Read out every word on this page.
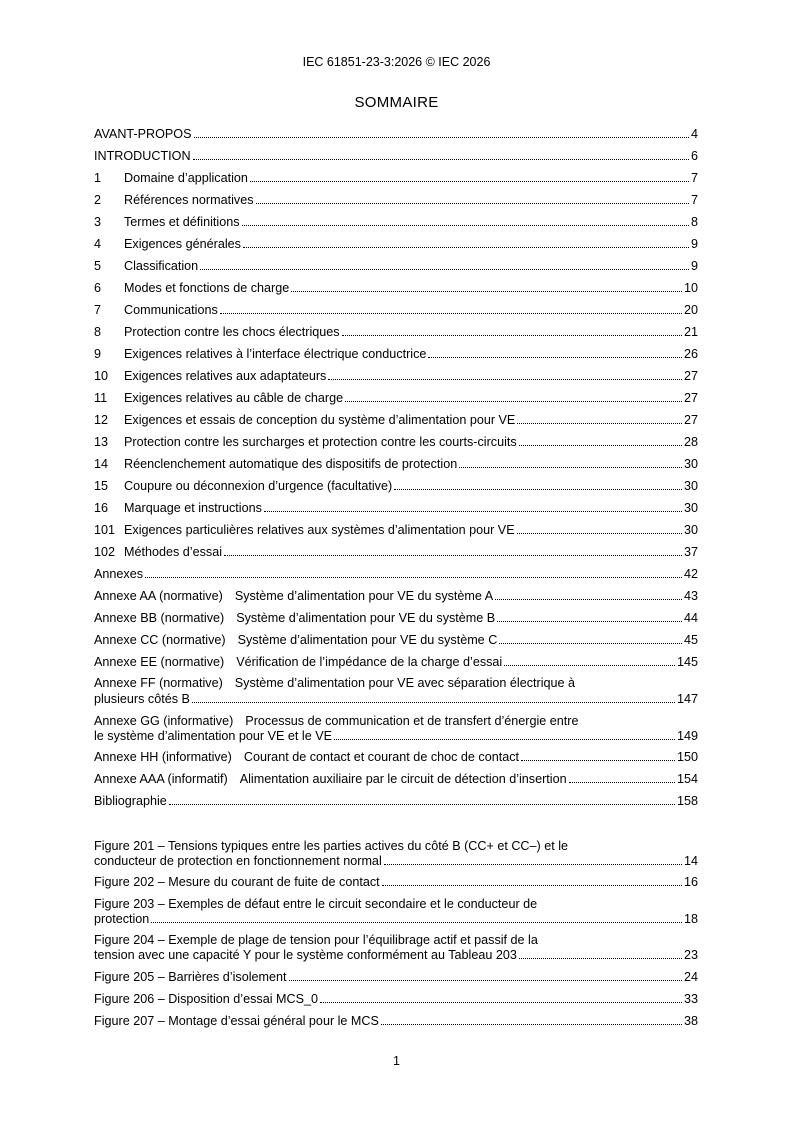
IEC 61851-23-3:2026 © IEC 2026
SOMMAIRE
AVANT-PROPOS	4
INTRODUCTION	6
1	Domaine d’application	7
2	Références normatives	7
3	Termes et définitions	8
4	Exigences générales	9
5	Classification	9
6	Modes et fonctions de charge	10
7	Communications	20
8	Protection contre les chocs électriques	21
9	Exigences relatives à l’interface électrique conductrice	26
10	Exigences relatives aux adaptateurs	27
11	Exigences relatives au câble de charge	27
12	Exigences et essais de conception du système d’alimentation pour VE	27
13	Protection contre les surcharges et protection contre les courts-circuits	28
14	Réenclenchement automatique des dispositifs de protection	30
15	Coupure ou déconnexion d’urgence (facultative)	30
16	Marquage et instructions	30
101 Exigences particulières relatives aux systèmes d’alimentation pour VE	30
102 Méthodes d’essai	37
Annexes	42
Annexe AA (normative) Système d’alimentation pour VE du système A	43
Annexe BB (normative) Système d’alimentation pour VE du système B	44
Annexe CC (normative) Système d’alimentation pour VE du système C	45
Annexe EE (normative) Vérification de l’impédance de la charge d’essai	145
Annexe FF (normative) Système d’alimentation pour VE avec séparation électrique à
plusieurs côtés B	147
Annexe GG (informative) Processus de communication et de transfert d’énergie entre
le système d’alimentation pour VE et le VE	149
Annexe HH (informative) Courant de contact et courant de choc de contact	150
Annexe AAA (informatif) Alimentation auxiliaire par le circuit de détection d’insertion	154
Bibliographie	158
Figure 201 – Tensions typiques entre les parties actives du côté B (CC+ et CC–) et le
conducteur de protection en fonctionnement normal	14
Figure 202 – Mesure du courant de fuite de contact	16
Figure 203 – Exemples de défaut entre le circuit secondaire et le conducteur de
protection	18
Figure 204 – Exemple de plage de tension pour l’équilibrage actif et passif de la
tension avec une capacité Y pour le système conformément au Tableau 203	23
Figure 205 – Barrières d’isolement	24
Figure 206 – Disposition d’essai MCS_0	33
Figure 207 – Montage d’essai général pour le MCS	38
1
